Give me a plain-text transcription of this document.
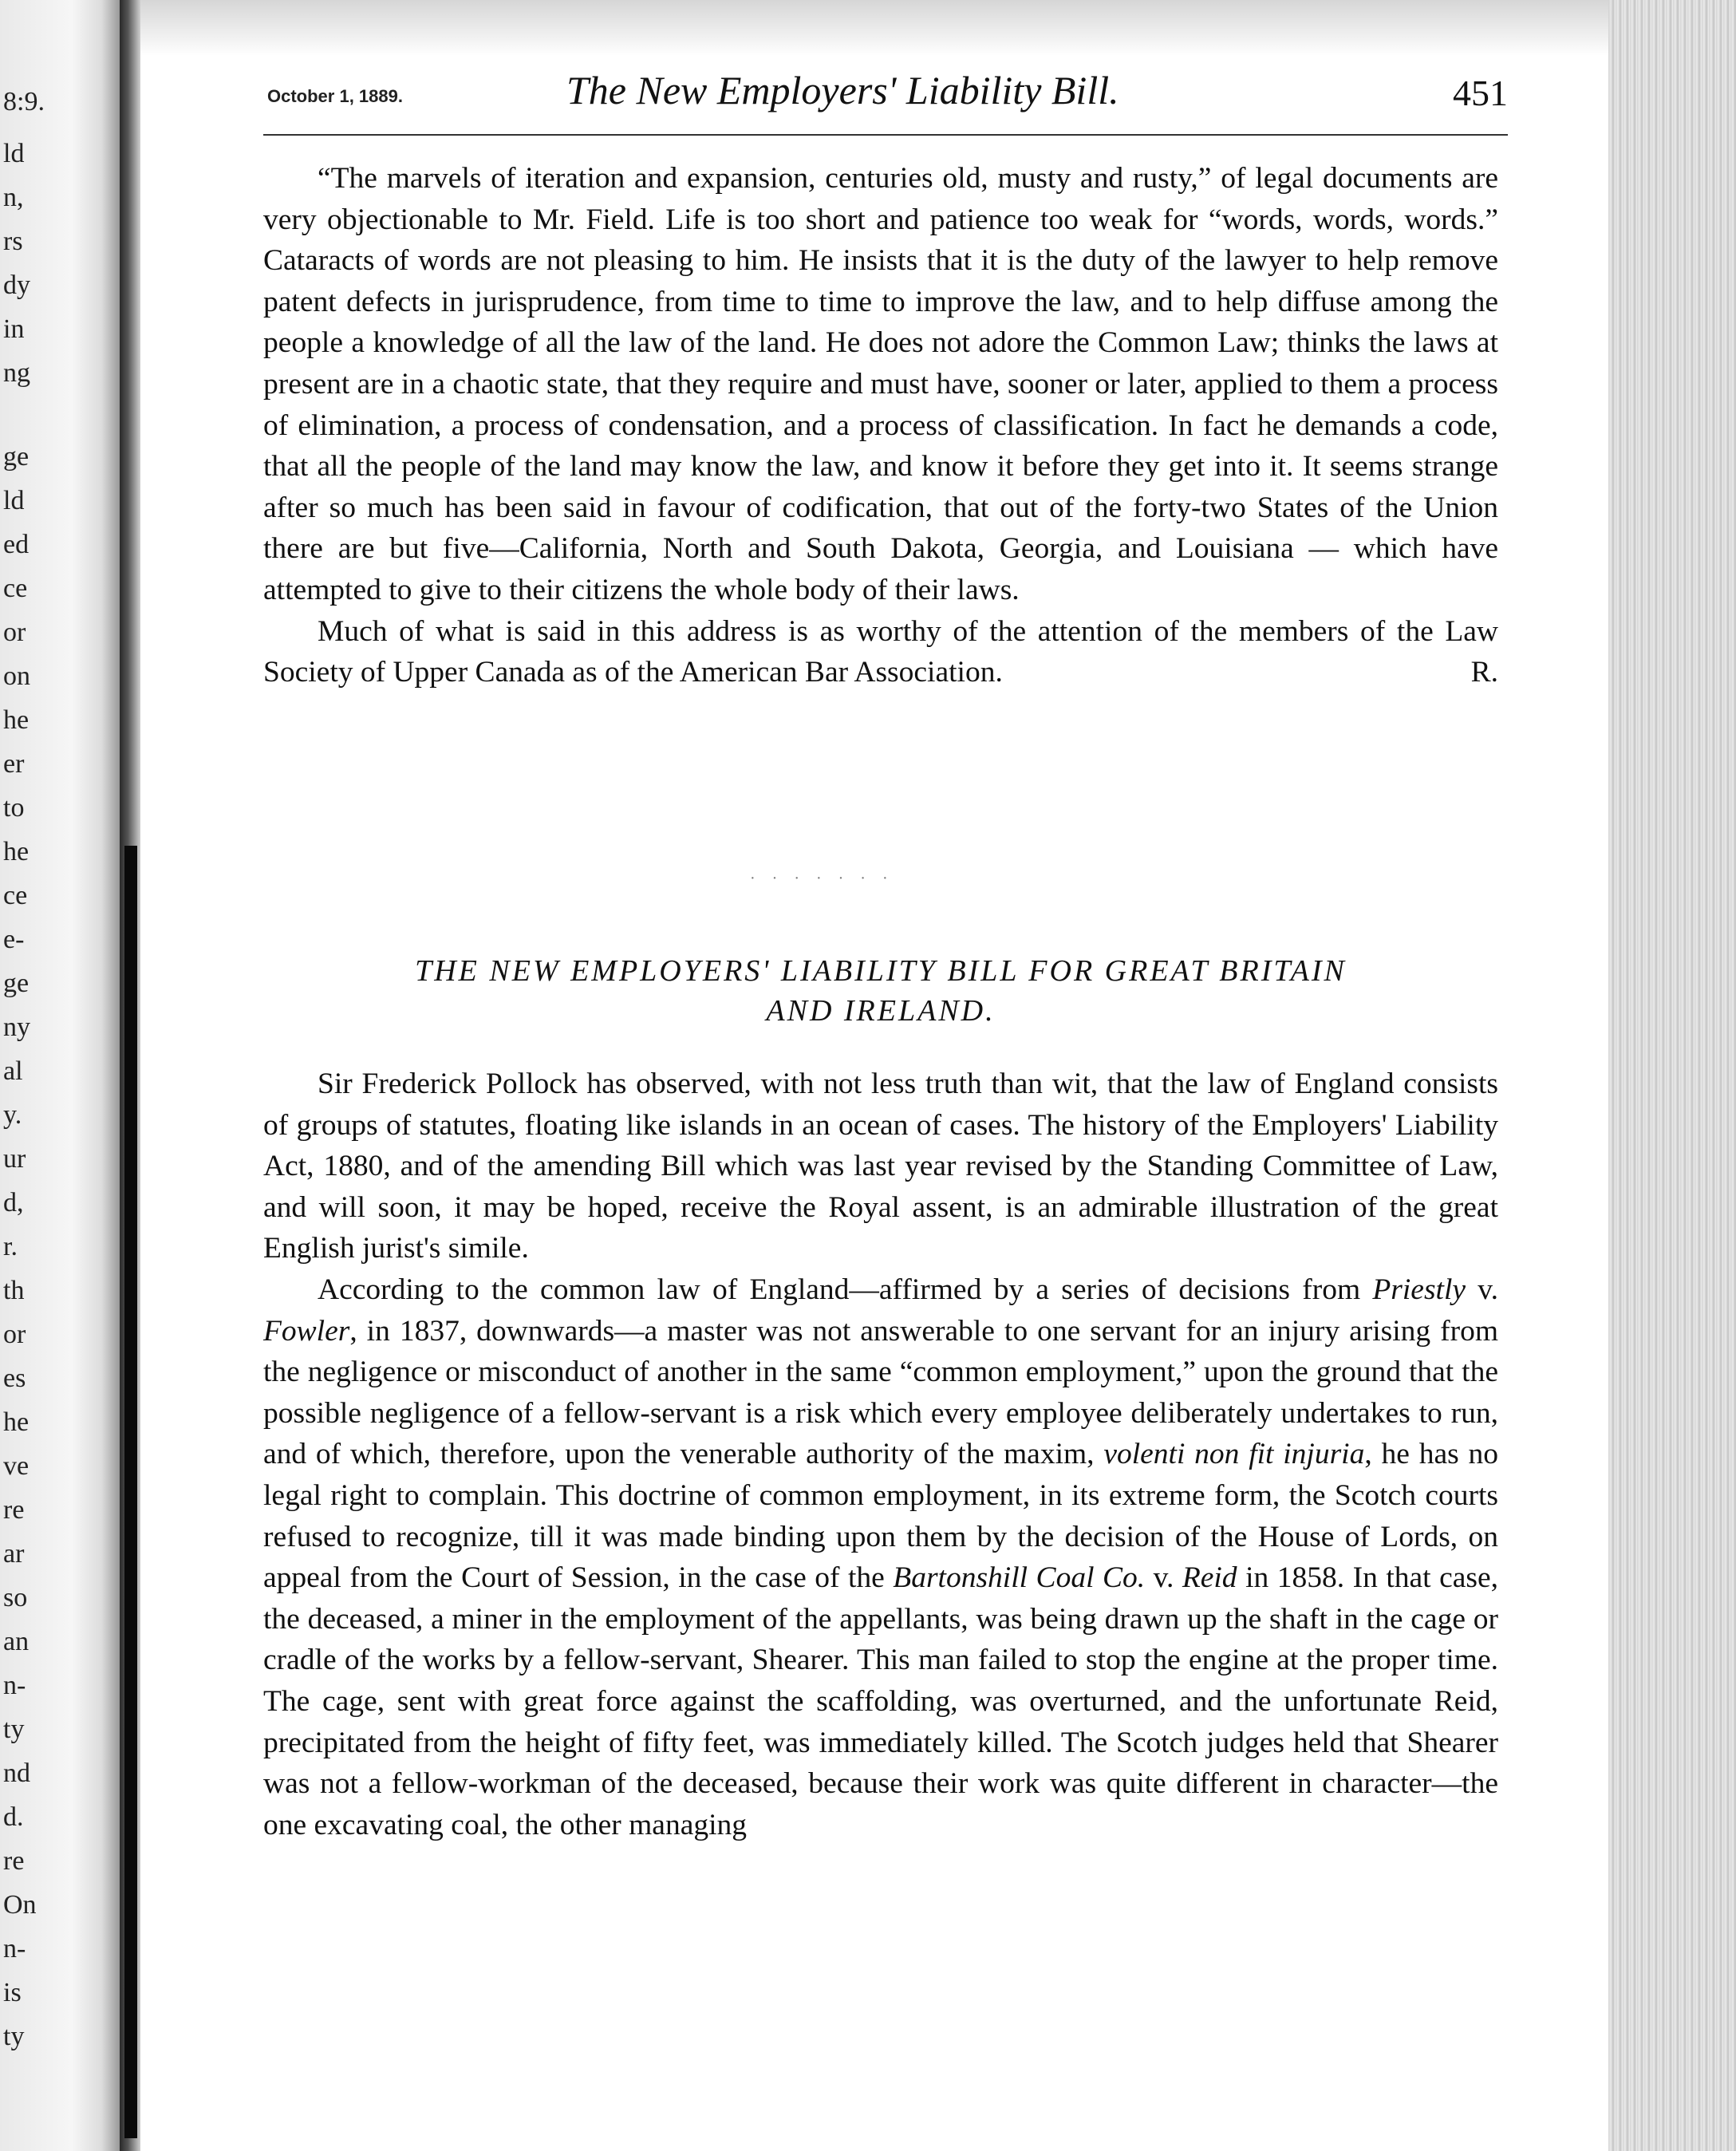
8:9.
ld
n,
rs
dy
in
ng
ge
ld
ed
ce
or
on
he
er
to
he
ce
e-
ge
ny
al
y.
ur
d,
r.
th
or
es
he
ve
re
ar
so
an
n-
ty
nd
d.
re
On
n-
is
ty
October 1, 1889.	The New Employers' Liability Bill.	451

“The marvels of iteration and expansion, centuries old, musty and rusty,” of legal documents are very objectionable to Mr. Field. Life is too short and patience too weak for “words, words, words.” Cataracts of words are not pleasing to him. He insists that it is the duty of the lawyer to help remove patent defects in jurisprudence, from time to time to improve the law, and to help diffuse among the people a knowledge of all the law of the land. He does not adore the Common Law; thinks the laws at present are in a chaotic state, that they require and must have, sooner or later, applied to them a process of elimination, a process of condensation, and a process of classification. In fact he demands a code, that all the people of the land may know the law, and know it before they get into it. It seems strange after so much has been said in favour of codification, that out of the forty-two States of the Union there are but five—California, North and South Dakota, Georgia, and Louisiana — which have attempted to give to their citizens the whole body of their laws.

Much of what is said in this address is as worthy of the attention of the members of the Law Society of Upper Canada as of the American Bar Association.	R.

· · · · · · ·
THE NEW EMPLOYERS' LIABILITY BILL FOR GREAT BRITAIN
AND IRELAND.

Sir Frederick Pollock has observed, with not less truth than wit, that the law of England consists of groups of statutes, floating like islands in an ocean of cases. The history of the Employers' Liability Act, 1880, and of the amending Bill which was last year revised by the Standing Committee of Law, and will soon, it may be hoped, receive the Royal assent, is an admirable illustration of the great English jurist's simile.

According to the common law of England—affirmed by a series of decisions from Priestly v. Fowler, in 1837, downwards—a master was not answerable to one servant for an injury arising from the negligence or misconduct of another in the same “common employment,” upon the ground that the possible negligence of a fellow-servant is a risk which every employee deliberately undertakes to run, and of which, therefore, upon the venerable authority of the maxim, volenti non fit injuria, he has no legal right to complain. This doctrine of common employment, in its extreme form, the Scotch courts refused to recognize, till it was made binding upon them by the decision of the House of Lords, on appeal from the Court of Session, in the case of the Bartonshill Coal Co. v. Reid in 1858. In that case, the deceased, a miner in the employment of the appellants, was being drawn up the shaft in the cage or cradle of the works by a fellow-servant, Shearer. This man failed to stop the engine at the proper time. The cage, sent with great force against the scaffolding, was overturned, and the unfortunate Reid, precipitated from the height of fifty feet, was immediately killed. The Scotch judges held that Shearer was not a fellow-workman of the deceased, because their work was quite different in character—the one excavating coal, the other managing
